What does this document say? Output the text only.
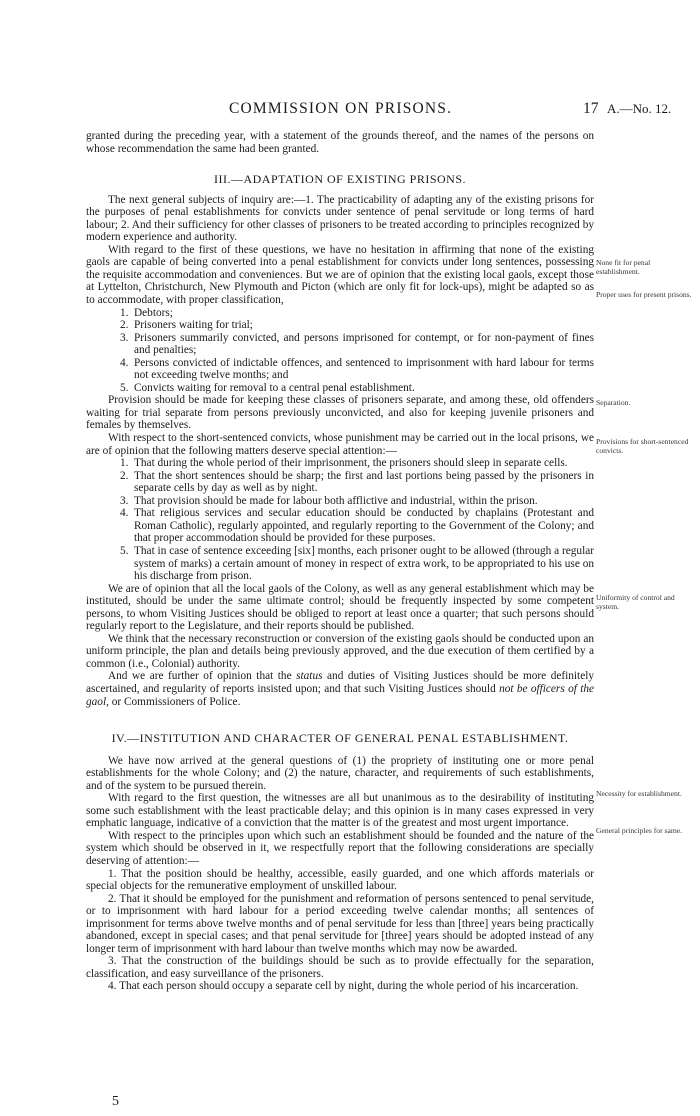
COMMISSION ON PRISONS.	17 A.—No. 12.

granted during the preceding year, with a statement of the grounds thereof, and the names of the persons on whose recommendation the same had been granted.

III.—ADAPTATION OF EXISTING PRISONS.

The next general subjects of inquiry are:—1. The practicability of adapting any of the existing prisons for the purposes of penal establishments for convicts under sentence of penal servitude or long terms of hard labour; 2. And their sufficiency for other classes of prisoners to be treated according to principles recognized by modern experience and authority.

With regard to the first of these questions, we have no hesitation in affirming that none of the existing gaols are capable of being converted into a penal establishment for convicts under long sentences, possessing the requisite accommodation and conveniences. But we are of opinion that the existing local gaols, except those at Lyttelton, Christchurch, New Plymouth and Picton (which are only fit for lock-ups), might be adapted so as to accommodate, with proper classification,

1. Debtors;

2. Prisoners waiting for trial;

3. Prisoners summarily convicted, and persons imprisoned for contempt, or for non-payment of fines and penalties;

4. Persons convicted of indictable offences, and sentenced to imprisonment with hard labour for terms not exceeding twelve months; and

5. Convicts waiting for removal to a central penal establishment.

Provision should be made for keeping these classes of prisoners separate, and among these, old offenders waiting for trial separate from persons previously unconvicted, and also for keeping juvenile prisoners and females by themselves.

With respect to the short-sentenced convicts, whose punishment may be carried out in the local prisons, we are of opinion that the following matters deserve special attention:—

1. That during the whole period of their imprisonment, the prisoners should sleep in separate cells.

2. That the short sentences should be sharp; the first and last portions being passed by the prisoners in separate cells by day as well as by night.

3. That provision should be made for labour both afflictive and industrial, within the prison.

4. That religious services and secular education should be conducted by chaplains (Protestant and Roman Catholic), regularly appointed, and regularly reporting to the Government of the Colony; and that proper accommodation should be provided for these purposes.

5. That in case of sentence exceeding [six] months, each prisoner ought to be allowed (through a regular system of marks) a certain amount of money in respect of extra work, to be appropriated to his use on his discharge from prison.

We are of opinion that all the local gaols of the Colony, as well as any general establishment which may be instituted, should be under the same ultimate control; should be frequently inspected by some competent persons, to whom Visiting Justices should be obliged to report at least once a quarter; that such persons should regularly report to the Legislature, and their reports should be published.

We think that the necessary reconstruction or conversion of the existing gaols should be conducted upon an uniform principle, the plan and details being previously approved, and the due execution of them certified by a common (i.e., Colonial) authority.

And we are further of opinion that the status and duties of Visiting Justices should be more definitely ascertained, and regularity of reports insisted upon; and that such Visiting Justices should not be officers of the gaol, or Commissioners of Police.

IV.—INSTITUTION AND CHARACTER OF GENERAL PENAL ESTABLISHMENT.

We have now arrived at the general questions of (1) the propriety of instituting one or more penal establishments for the whole Colony; and (2) the nature, character, and requirements of such establishments, and of the system to be pursued therein.

With regard to the first question, the witnesses are all but unanimous as to the desirability of instituting some such establishment with the least practicable delay; and this opinion is in many cases expressed in very emphatic language, indicative of a conviction that the matter is of the greatest and most urgent importance.

With respect to the principles upon which such an establishment should be founded and the nature of the system which should be observed in it, we respectfully report that the following considerations are specially deserving of attention:—

1. That the position should be healthy, accessible, easily guarded, and one which affords materials or special objects for the remunerative employment of unskilled labour.

2. That it should be employed for the punishment and reformation of persons sentenced to penal servitude, or to imprisonment with hard labour for a period exceeding twelve calendar months; all sentences of imprisonment for terms above twelve months and of penal servitude for less than [three] years being practically abandoned, except in special cases; and that penal servitude for [three] years should be adopted instead of any longer term of imprisonment with hard labour than twelve months which may now be awarded.

3. That the construction of the buildings should be such as to provide effectually for the separation, classification, and easy surveillance of the prisoners.

4. That each person should occupy a separate cell by night, during the whole period of his incarceration.

None fit for penal establishment.
Proper uses for present prisons.
Separation.
Provisions for short-sentenced convicts.
Uniformity of control and system.
Necessity for establishment.
General principles for same.
5
